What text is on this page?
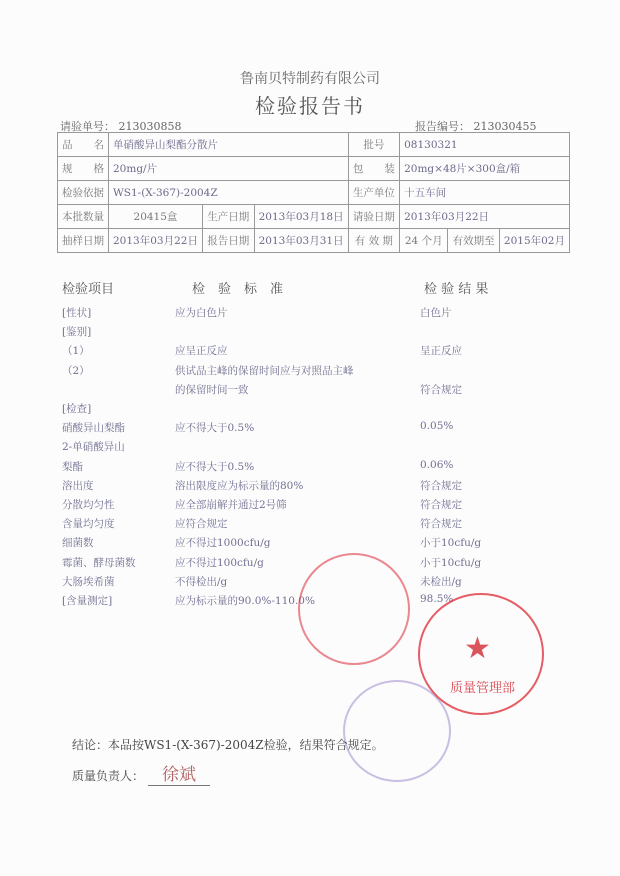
鲁南贝特制药有限公司
检验报告书
请验单号： 213030858	报告编号： 213030455
品　　名	单硝酸异山梨酯分散片			批号	08130321		
规　　格	20mg/片			包　　装	20mg×48片×300盒/箱		
检验依据	WS1-(X-367)-2004Z			生产单位	十五车间		
本批数量	20415盒	生产日期	2013年03月18日	请验日期	2013年03月22日		
抽样日期	2013年03月22日	报告日期	2013年03月31日	有 效 期	24 个月	有效期至	2015年02月
检验项目	检　验　标　准	检 验 结 果
[性状]	应为白色片	白色片
[鉴别]
（1）	应呈正反应	呈正反应
（2）	供试品主峰的保留时间应与对照品主峰
的保留时间一致	符合规定
[检查]
硝酸异山梨酯	应不得大于0.5%	0.05%
2-单硝酸异山
梨酯	应不得大于0.5%	0.06%
溶出度	溶出限度应为标示量的80%	符合规定
分散均匀性	应全部崩解并通过2号筛	符合规定
含量均匀度	应符合规定	符合规定
细菌数	应不得过1000cfu/g	小于10cfu/g
霉菌、酵母菌数	应不得过100cfu/g	小于10cfu/g
大肠埃希菌	不得检出/g	未检出/g
[含量测定]	应为标示量的90.0%-110.0%	98.5%
质量管理部
★
结论：本品按WS1-(X-367)-2004Z检验，结果符合规定。
质量负责人：	徐斌
